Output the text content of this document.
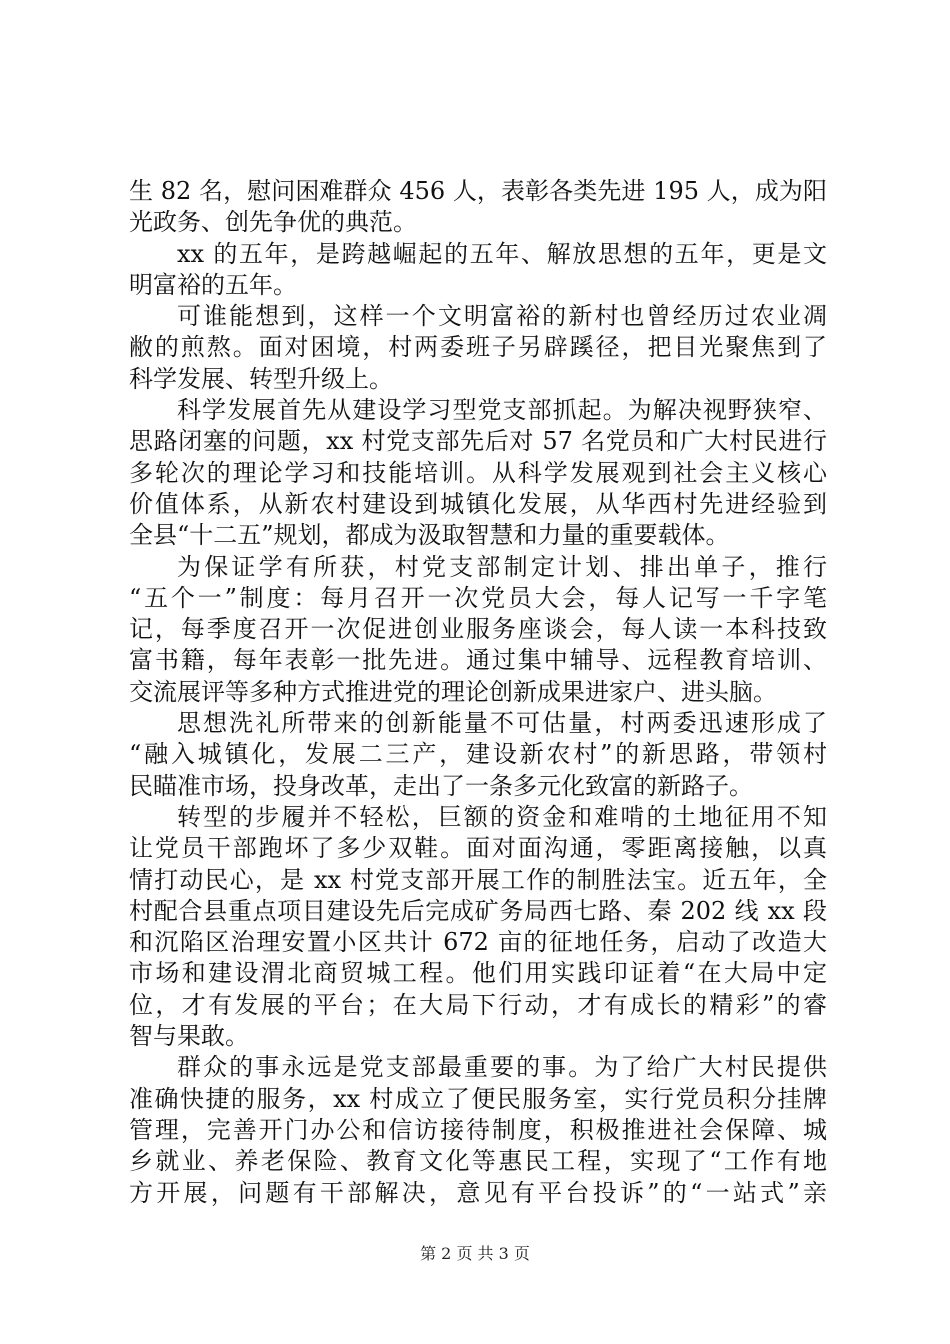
生 82 名，慰问困难群众 456 人，表彰各类先进 195 人，成为阳
光政务、创先争优的典范。
xx 的五年，是跨越崛起的五年、解放思想的五年，更是文
明富裕的五年。
可谁能想到，这样一个文明富裕的新村也曾经历过农业凋
敝的煎熬。面对困境，村两委班子另辟蹊径，把目光聚焦到了
科学发展、转型升级上。
科学发展首先从建设学习型党支部抓起。为解决视野狭窄、
思路闭塞的问题，xx 村党支部先后对 57 名党员和广大村民进行
多轮次的理论学习和技能培训。从科学发展观到社会主义核心
价值体系，从新农村建设到城镇化发展，从华西村先进经验到
全县“十二五”规划，都成为汲取智慧和力量的重要载体。
为保证学有所获，村党支部制定计划、排出单子，推行
“五个一”制度：每月召开一次党员大会，每人记写一千字笔
记，每季度召开一次促进创业服务座谈会，每人读一本科技致
富书籍，每年表彰一批先进。通过集中辅导、远程教育培训、
交流展评等多种方式推进党的理论创新成果进家户、进头脑。
思想洗礼所带来的创新能量不可估量，村两委迅速形成了
“融入城镇化，发展二三产，建设新农村”的新思路，带领村
民瞄准市场，投身改革，走出了一条多元化致富的新路子。
转型的步履并不轻松，巨额的资金和难啃的土地征用不知
让党员干部跑坏了多少双鞋。面对面沟通，零距离接触，以真
情打动民心，是 xx 村党支部开展工作的制胜法宝。近五年，全
村配合县重点项目建设先后完成矿务局西七路、秦 202 线 xx 段
和沉陷区治理安置小区共计 672 亩的征地任务，启动了改造大
市场和建设渭北商贸城工程。他们用实践印证着“在大局中定
位，才有发展的平台；在大局下行动，才有成长的精彩”的睿
智与果敢。
群众的事永远是党支部最重要的事。为了给广大村民提供
准确快捷的服务，xx 村成立了便民服务室，实行党员积分挂牌
管理，完善开门办公和信访接待制度，积极推进社会保障、城
乡就业、养老保险、教育文化等惠民工程，实现了“工作有地
方开展，问题有干部解决，意见有平台投诉”的“一站式”亲
第 2 页 共 3 页
